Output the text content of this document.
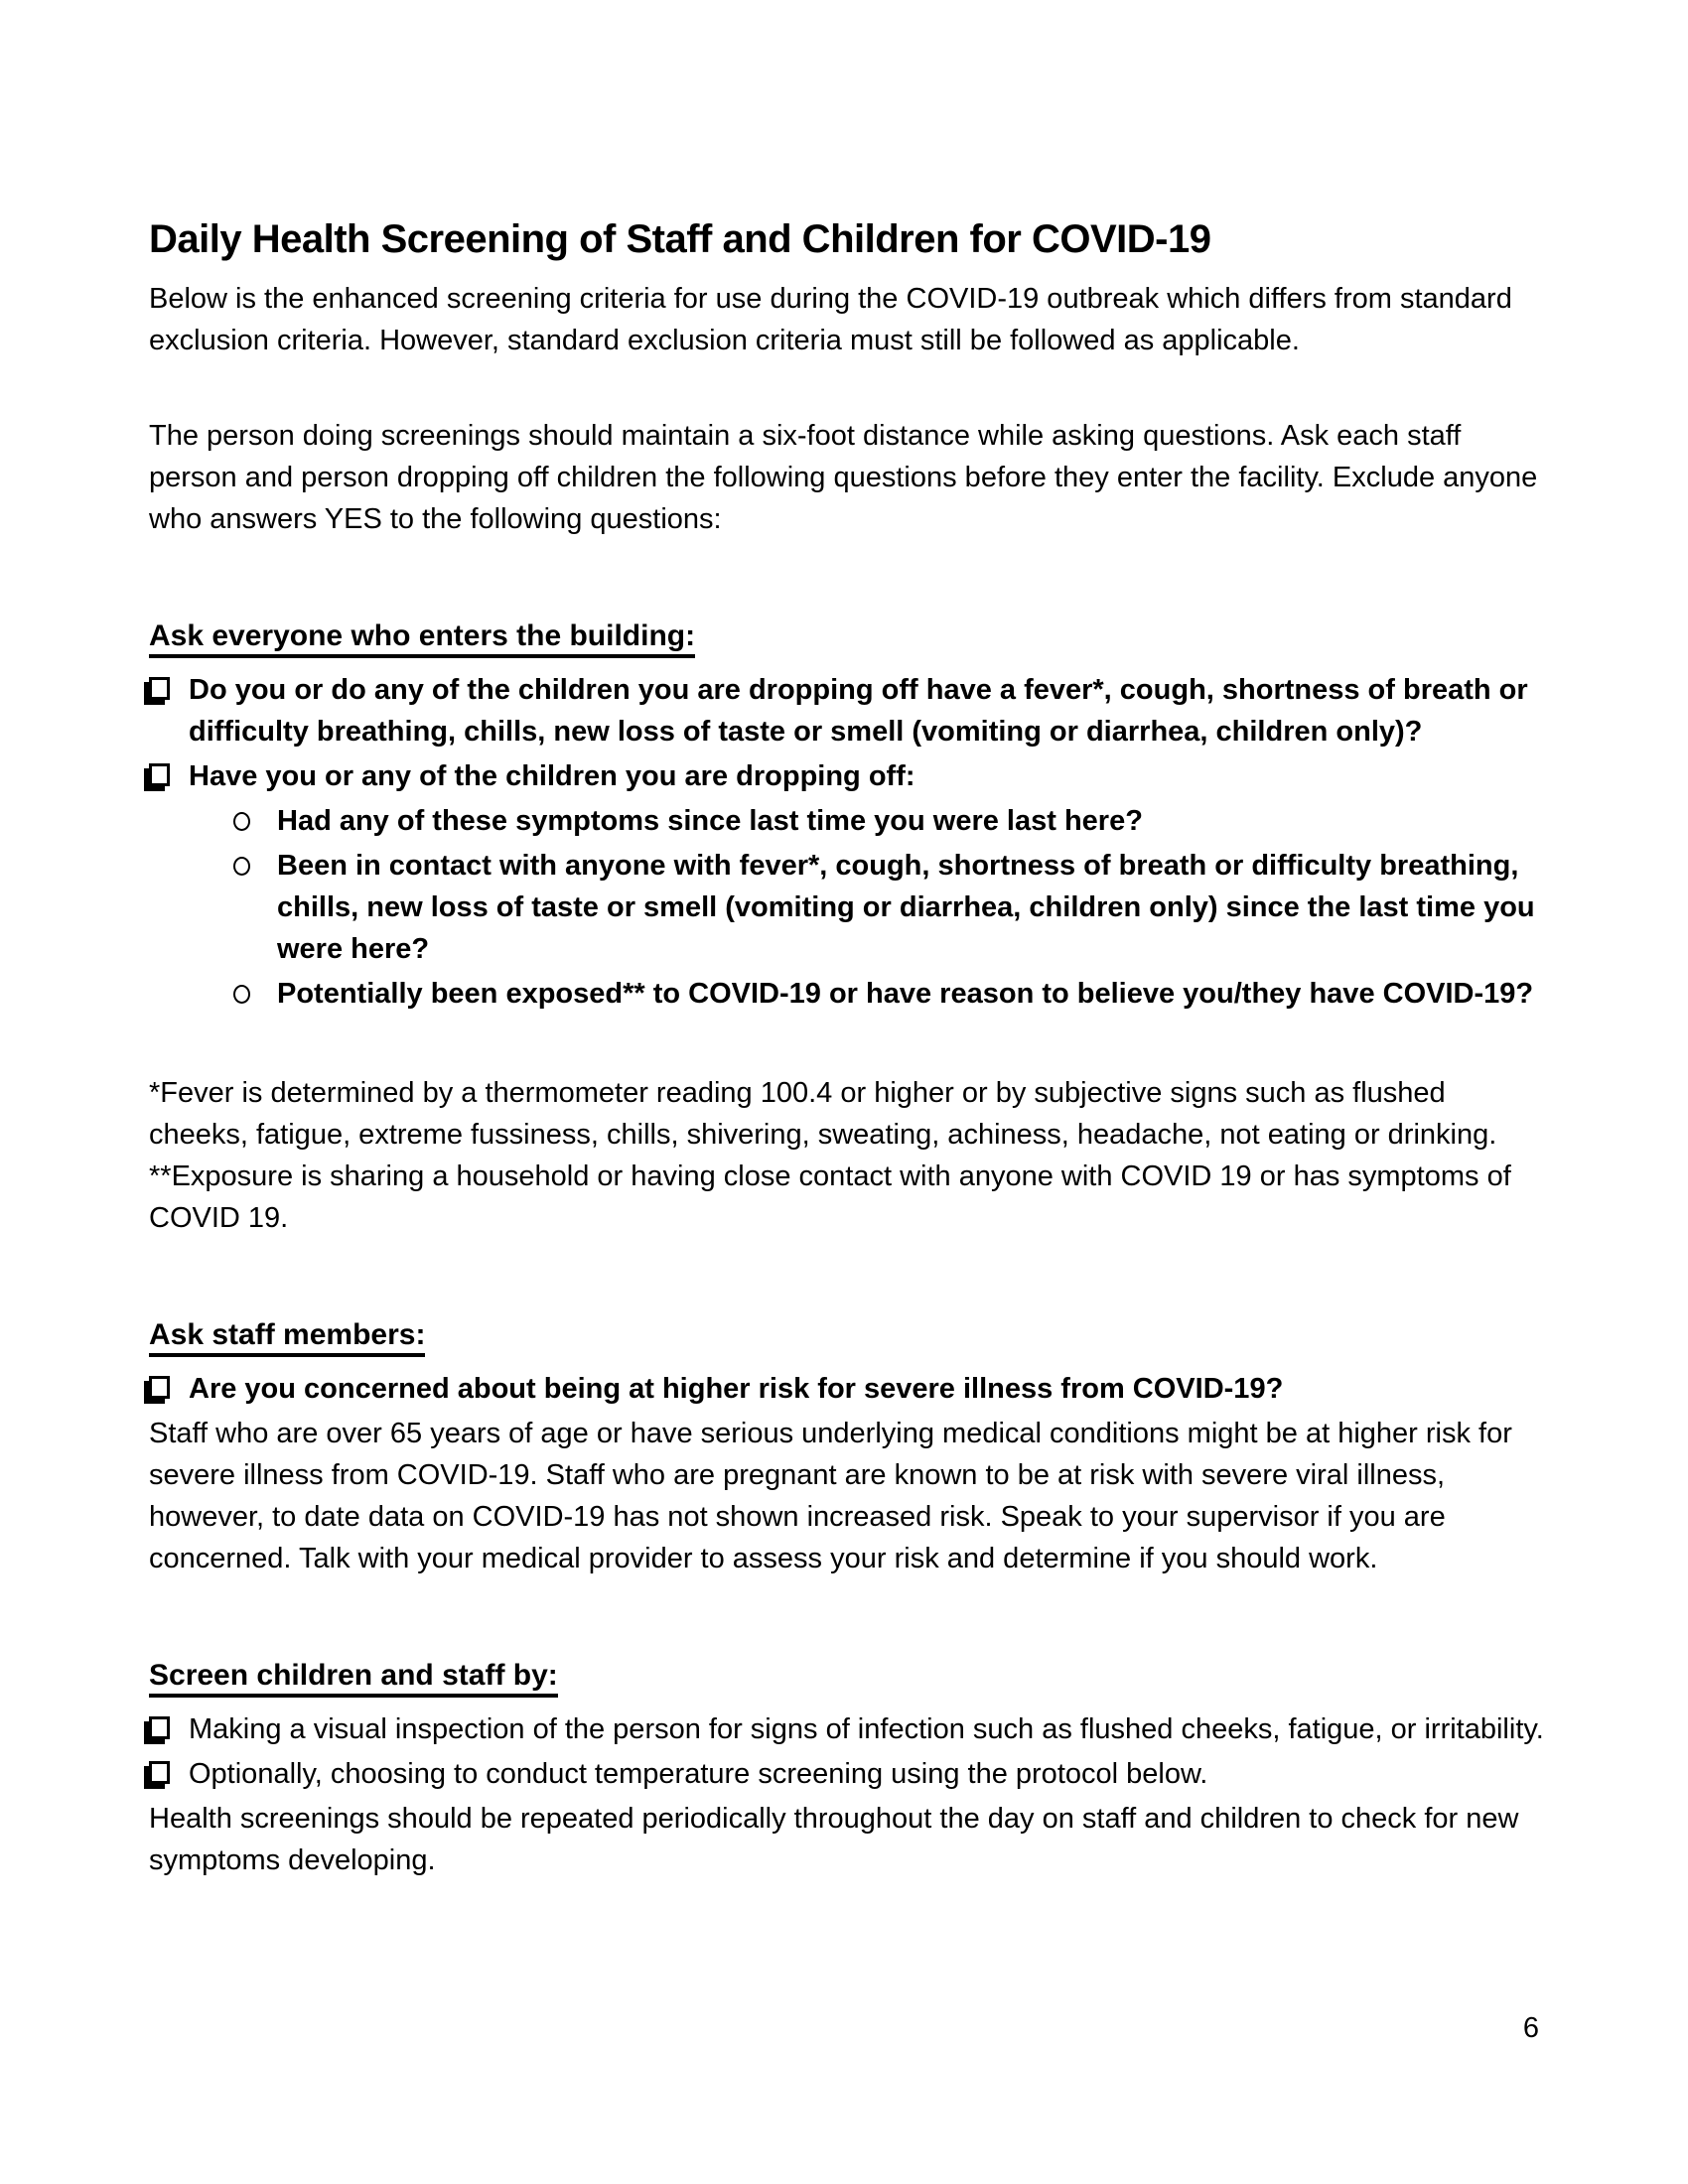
Daily Health Screening of Staff and Children for COVID-19

Below is the enhanced screening criteria for use during the COVID-19 outbreak which differs from standard exclusion criteria. However, standard exclusion criteria must still be followed as applicable.

The person doing screenings should maintain a six-foot distance while asking questions. Ask each staff person and person dropping off children the following questions before they enter the facility. Exclude anyone who answers YES to the following questions:

Ask everyone who enters the building:
Do you or do any of the children you are dropping off have a fever*, cough, shortness of breath or difficulty breathing, chills, new loss of taste or smell (vomiting or diarrhea, children only)?
Have you or any of the children you are dropping off:
Had any of these symptoms since last time you were last here?
Been in contact with anyone with fever*, cough, shortness of breath or difficulty breathing, chills, new loss of taste or smell (vomiting or diarrhea, children only) since the last time you were here?
Potentially been exposed** to COVID-19 or have reason to believe you/they have COVID-19?

*Fever is determined by a thermometer reading 100.4 or higher or by subjective signs such as flushed cheeks, fatigue, extreme fussiness, chills, shivering, sweating, achiness, headache, not eating or drinking.

**Exposure is sharing a household or having close contact with anyone with COVID 19 or has symptoms of COVID 19.

Ask staff members:
Are you concerned about being at higher risk for severe illness from COVID-19?

Staff who are over 65 years of age or have serious underlying medical conditions might be at higher risk for severe illness from COVID-19. Staff who are pregnant are known to be at risk with severe viral illness, however, to date data on COVID-19 has not shown increased risk. Speak to your supervisor if you are concerned. Talk with your medical provider to assess your risk and determine if you should work.

Screen children and staff by:
Making a visual inspection of the person for signs of infection such as flushed cheeks, fatigue, or irritability.
Optionally, choosing to conduct temperature screening using the protocol below.

Health screenings should be repeated periodically throughout the day on staff and children to check for new symptoms developing.

6
